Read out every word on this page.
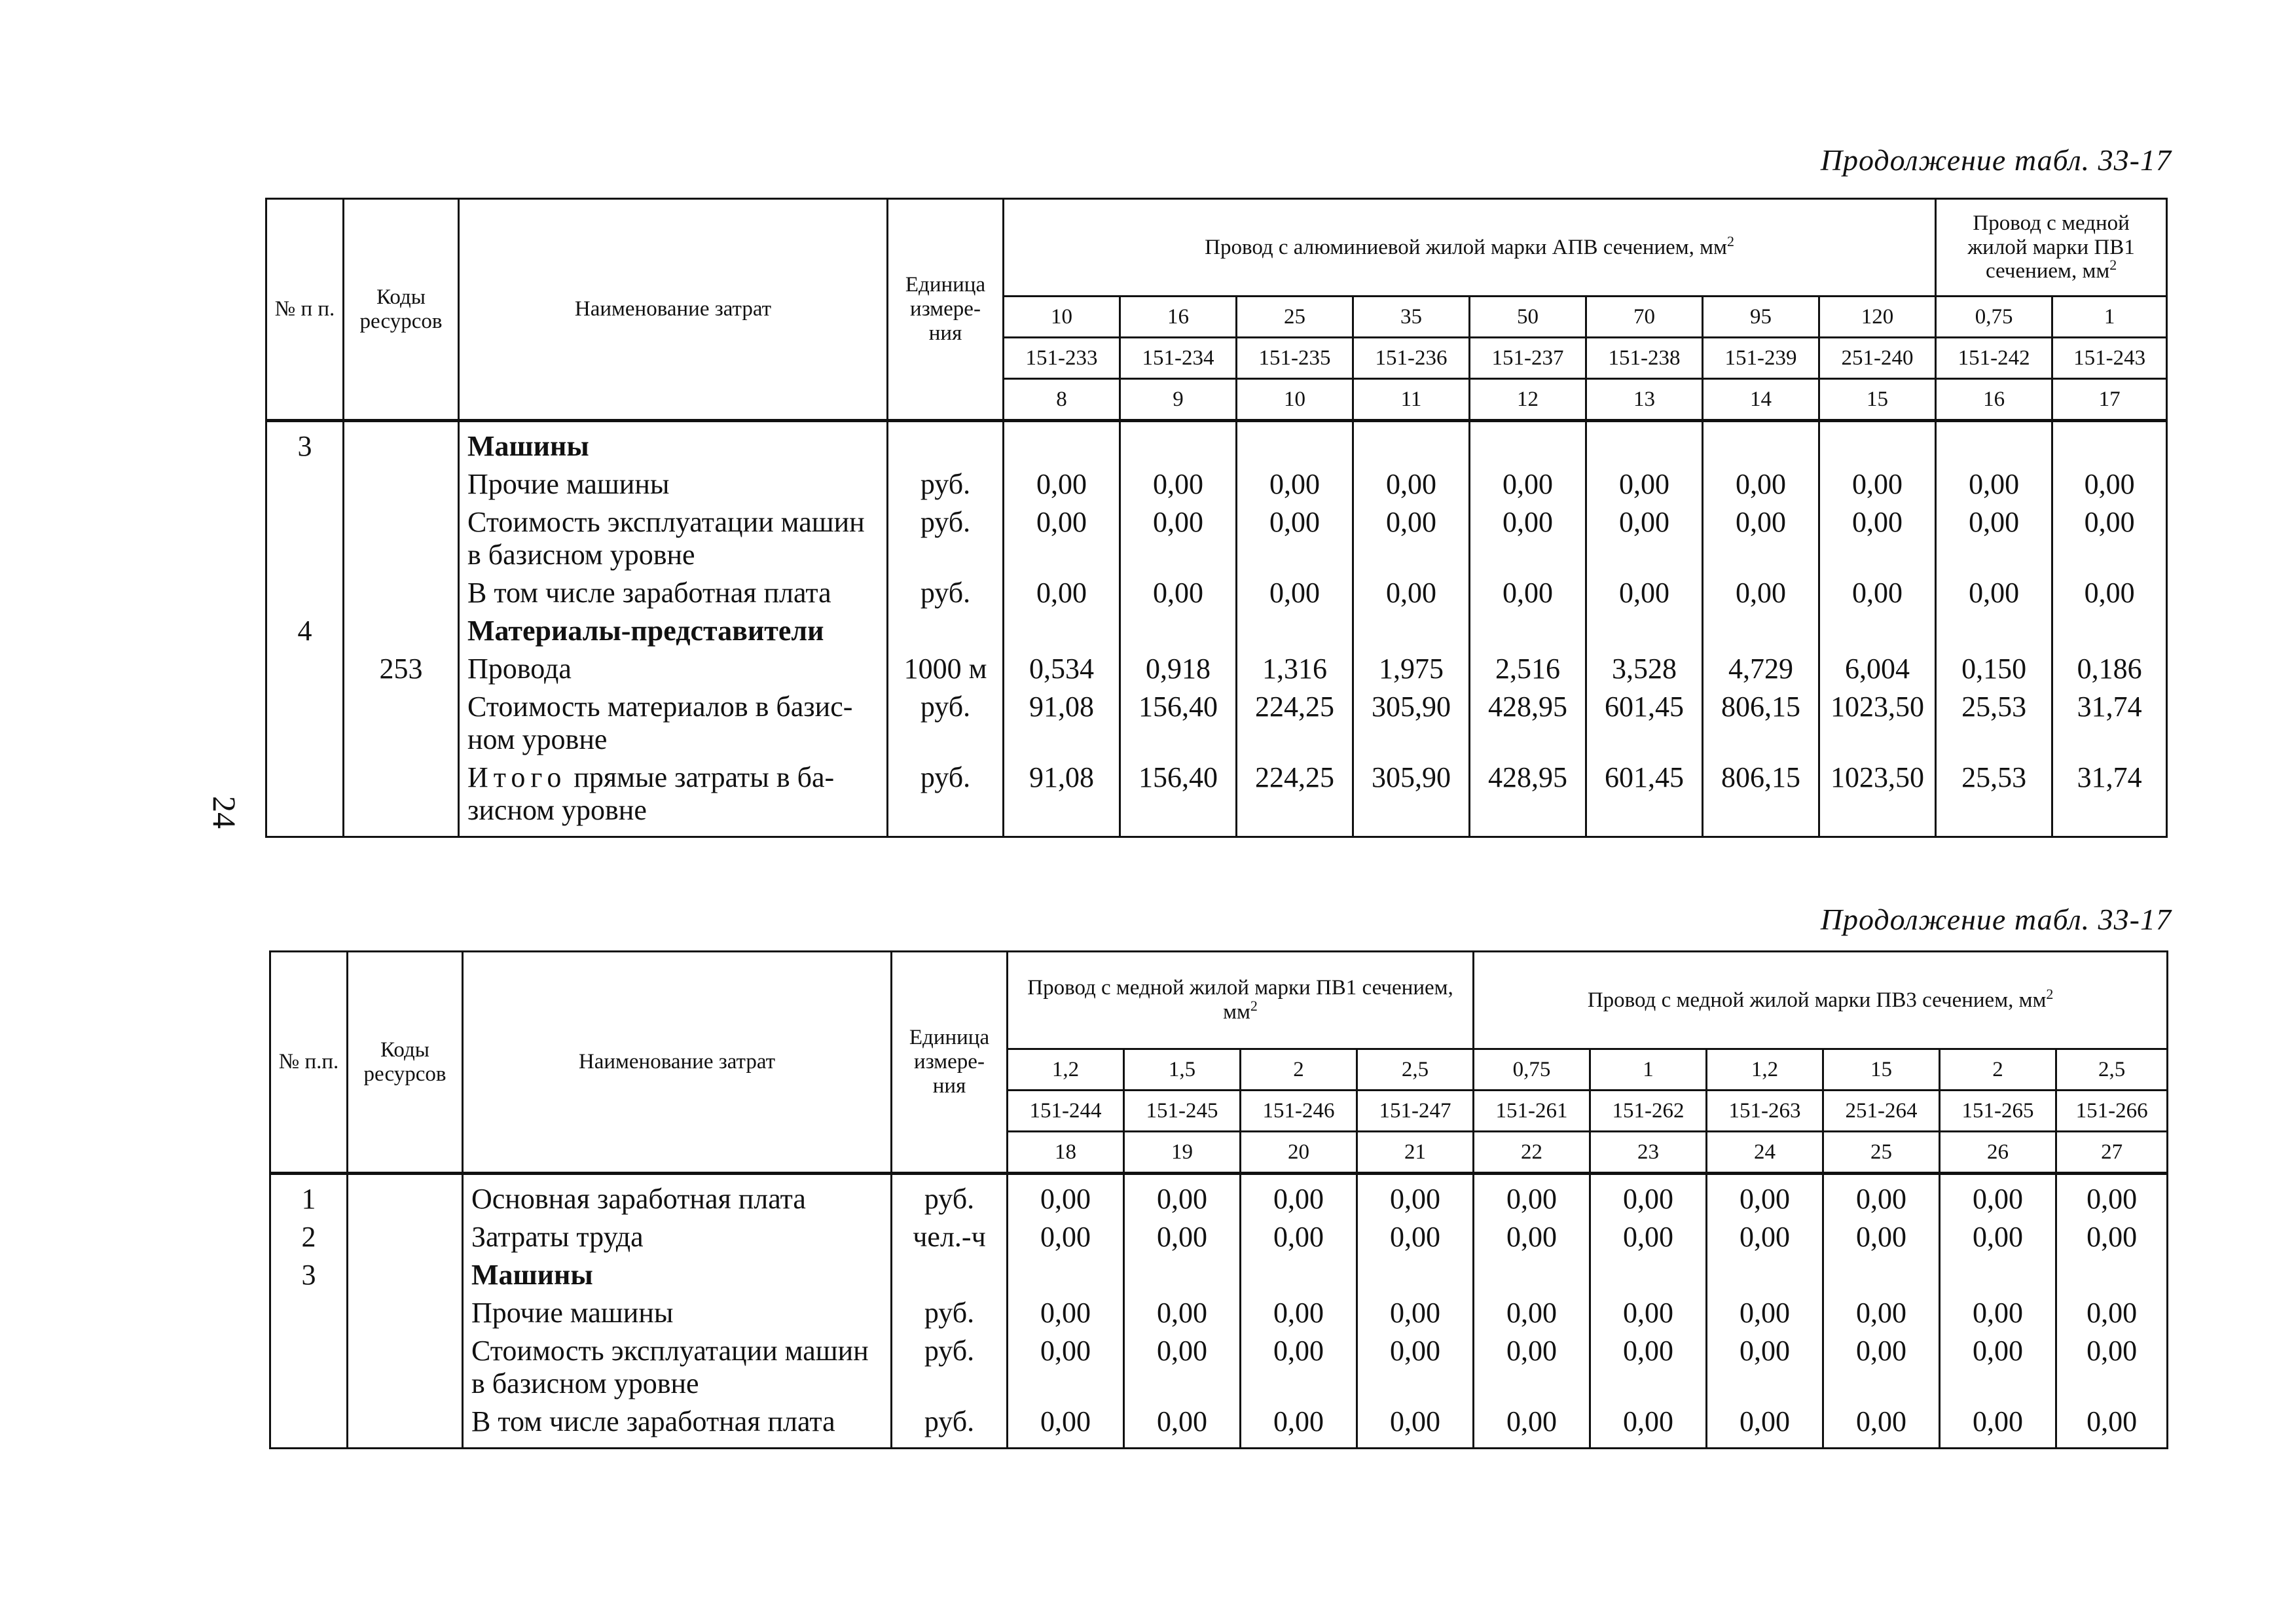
Продолжение табл. 33-17
24
№ п п.	Коды ресурсов	Наименование затрат	Единица измере- ния	Провод с алюминиевой жилой марки АПВ сечением, $мм^2$								Провод с медной жилой марки ПВ1 сечением, $мм^2$
				10	16	25	35	50	70	95	120	0,75	1
				151-233	151-234	151-235	151-236	151-237	151-238	151-239	251-240	151-242	151-243
				8	9	10	11	12	13	14	15	16	17
3		Машины											
		Прочие машины	руб.	0,00	0,00	0,00	0,00	0,00	0,00	0,00	0,00	0,00	0,00
		Стоимость эксплуатации машин в базисном уровне	руб.	0,00	0,00	0,00	0,00	0,00	0,00	0,00	0,00	0,00	0,00
		В том числе заработная плата	руб.	0,00	0,00	0,00	0,00	0,00	0,00	0,00	0,00	0,00	0,00
4		Материалы-представители											
	253	Провода	1000 м	0,534	0,918	1,316	1,975	2,516	3,528	4,729	6,004	0,150	0,186
		Стоимость материалов в базис- ном уровне	руб.	91,08	156,40	224,25	305,90	428,95	601,45	806,15	1023,50	25,53	31,74
		Итого прямые затраты в ба- зисном уровне	руб.	91,08	156,40	224,25	305,90	428,95	601,45	806,15	1023,50	25,53	31,74
Продолжение табл. 33-17
№ п.п.	Коды ресурсов	Наименование затрат	Единица измере- ния	Провод с медной жилой марки ПВ1 сечением, $мм^2$				Провод с медной жилой марки ПВ3 сечением, $мм^2$
				1,2	1,5	2	2,5	0,75	1	1,2	15	2	2,5
				151-244	151-245	151-246	151-247	151-261	151-262	151-263	251-264	151-265	151-266
				18	19	20	21	22	23	24	25	26	27
1		Основная заработная плата	руб.	0,00	0,00	0,00	0,00	0,00	0,00	0,00	0,00	0,00	0,00
2		Затраты труда	чел.-ч	0,00	0,00	0,00	0,00	0,00	0,00	0,00	0,00	0,00	0,00
3		Машины											
		Прочие машины	руб.	0,00	0,00	0,00	0,00	0,00	0,00	0,00	0,00	0,00	0,00
		Стоимость эксплуатации машин в базисном уровне	руб.	0,00	0,00	0,00	0,00	0,00	0,00	0,00	0,00	0,00	0,00
		В том числе заработная плата	руб.	0,00	0,00	0,00	0,00	0,00	0,00	0,00	0,00	0,00	0,00
